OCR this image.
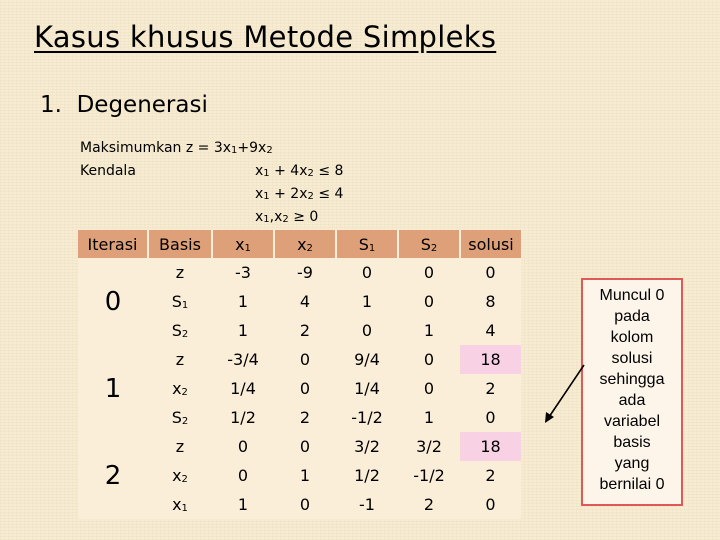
Kasus khusus Metode Simpleks
1. Degenerasi
Maksimumkan $z = 3x_1+9x_2$
Kendala	$x_1 + 4x_2 \le 8$
$x_1 + 2x_2 \le 4$
$x_1,x_2 \ge 0$
Iterasi	Basis	$x_1$	$x_2$	$S_1$	$S_2$	solusi
0	z	-3	-9	0	0	0
	$S_1$	1	4	1	0	8
	$S_2$	1	2	0	1	4
1	z	-3/4	0	9/4	0	18
	$x_2$	1/4	0	1/4	0	2
	$S_2$	1/2	2	-1/2	1	0
2	z	0	0	3/2	3/2	18
	$x_2$	0	1	1/2	-1/2	2
	$x_1$	1	0	-1	2	0
Muncul 0
pada
kolom
solusi
sehingga
ada
variabel
basis
yang
bernilai 0
